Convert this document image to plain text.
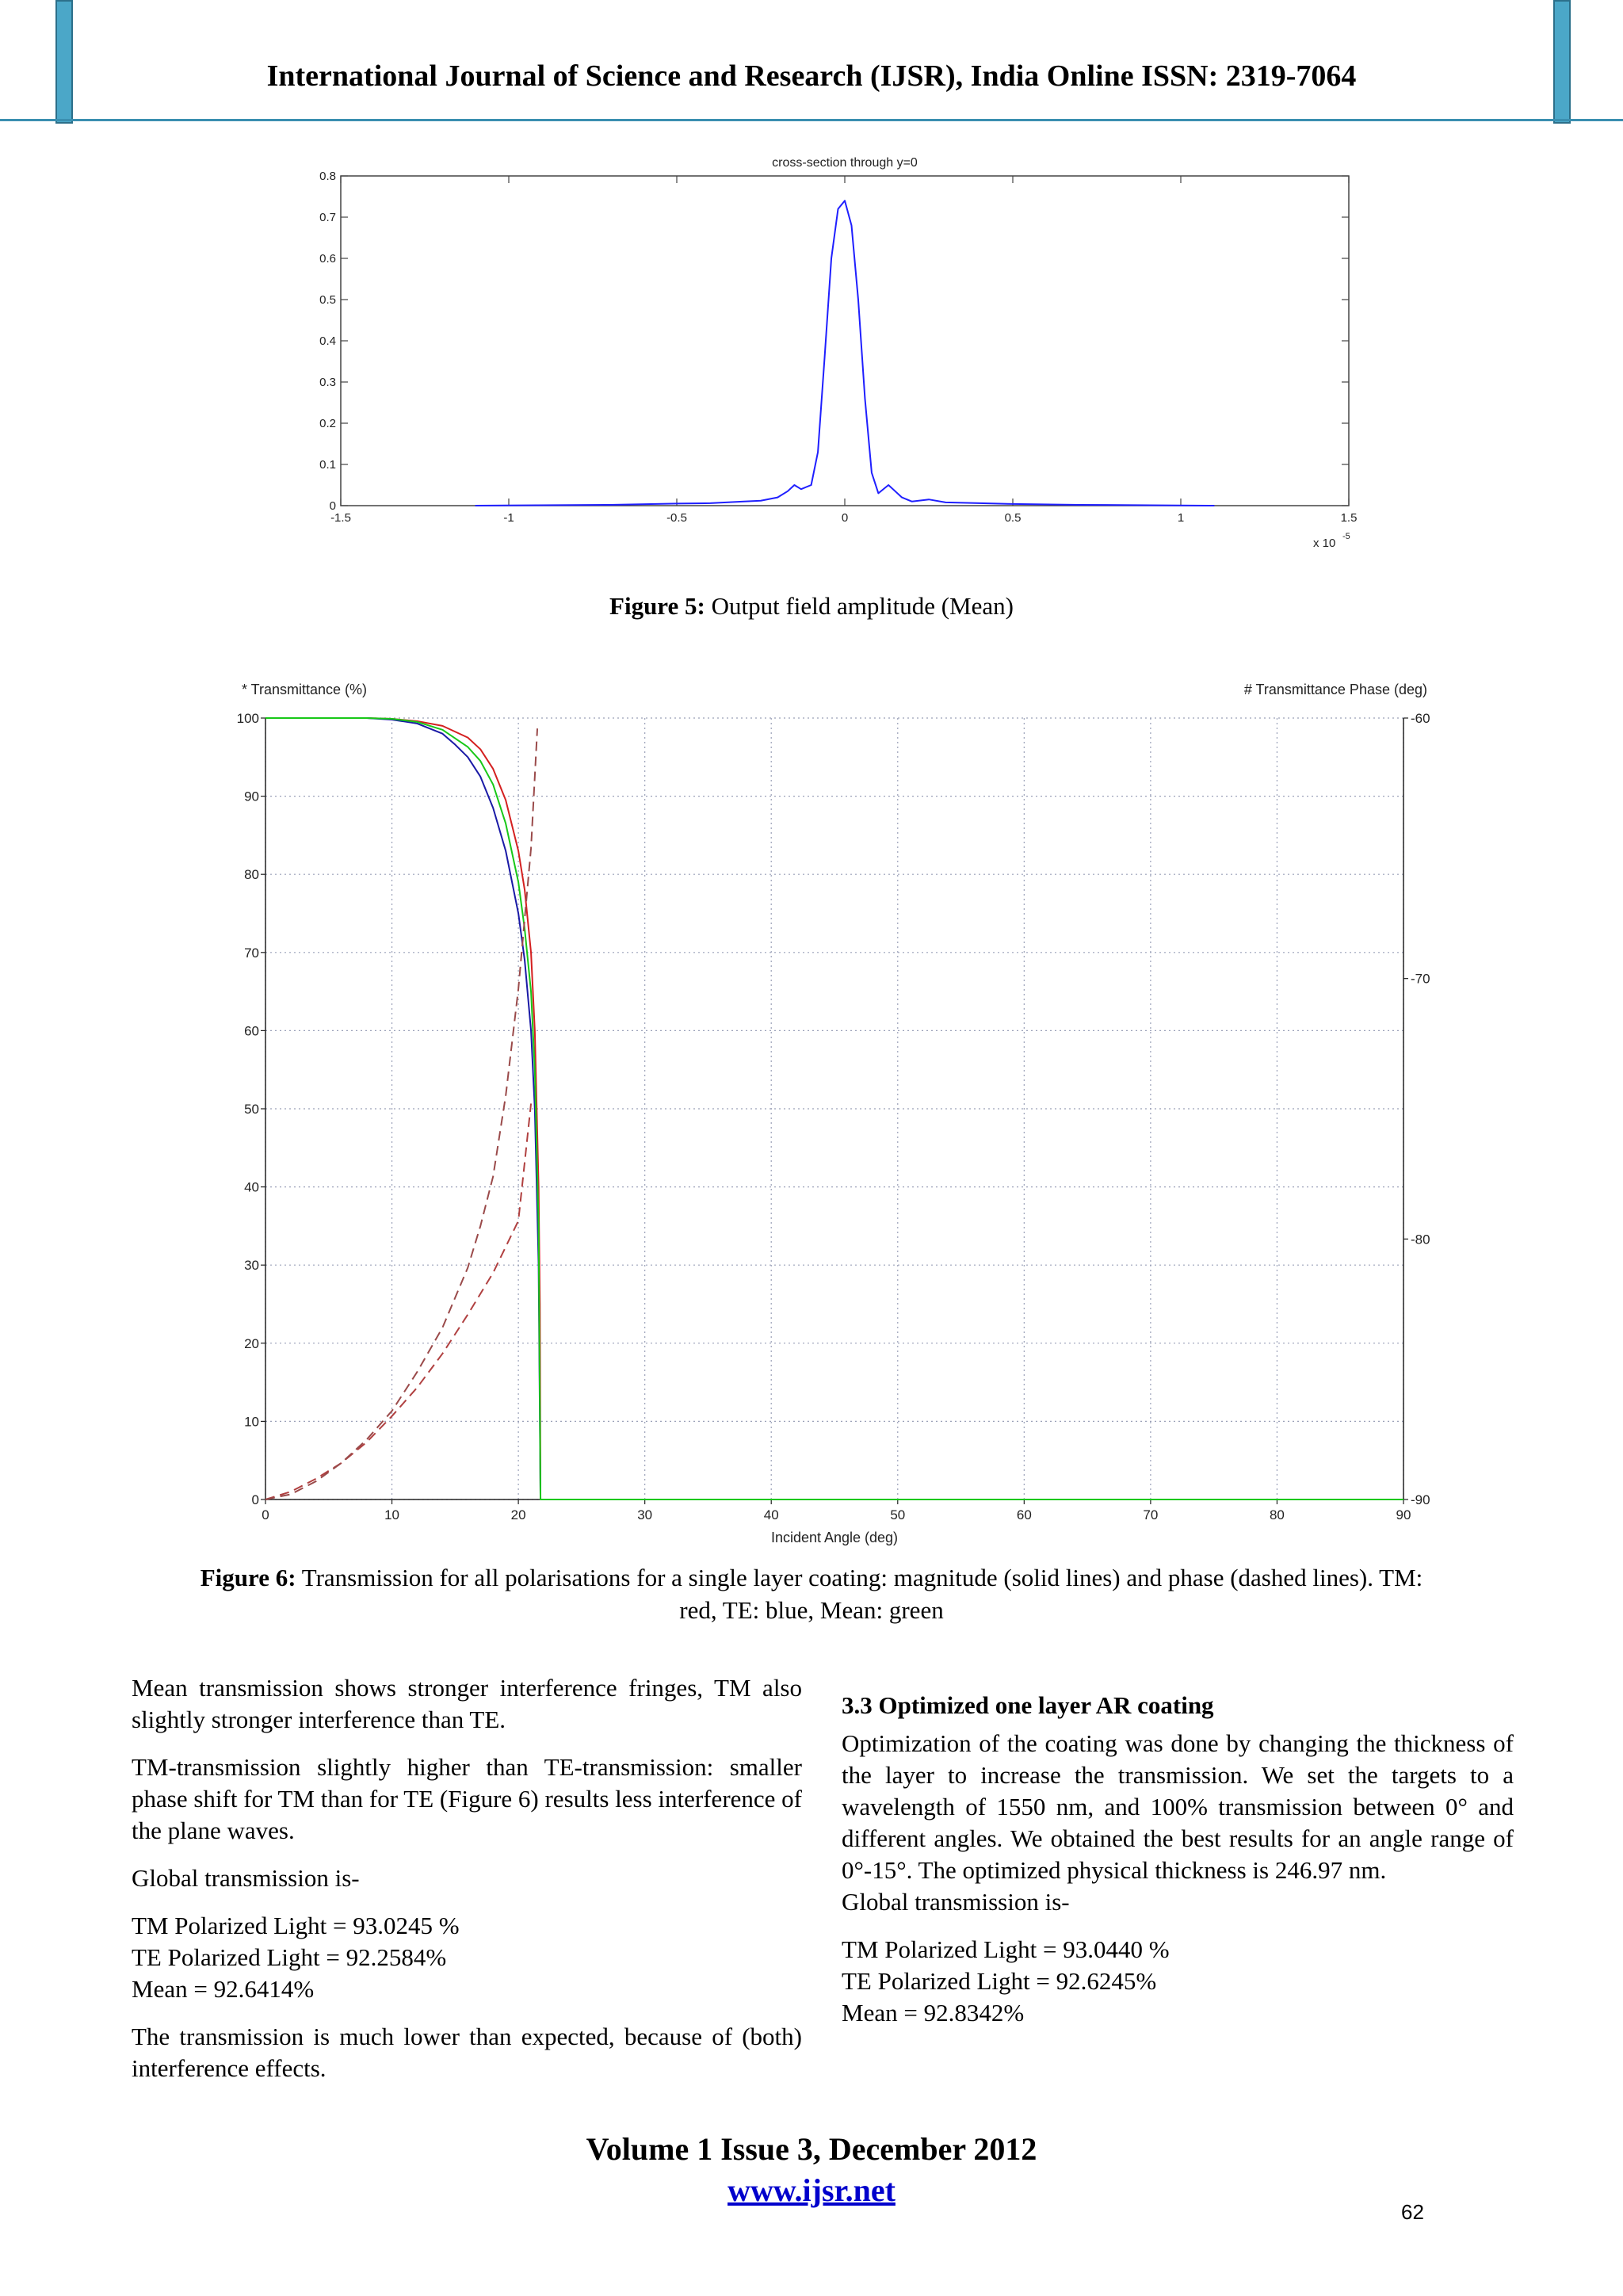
International Journal of Science and Research (IJSR), India Online ISSN: 2319-7064
cross-section through y=0
-1.5	-1	-0.5	0	0.5	1	1.5
0
0.1
0.2
0.3
0.4
0.5
0.6
0.7
0.8
x 10 -5
Figure 5: Output field amplitude (Mean)
0	10	20	30	40	50	60	70	80	90
0
10
20
30
40
50
60
70
80
90
100
-90
-80
-70
-60
* Transmittance (%)	# Transmittance Phase (deg)
Incident Angle (deg)
Figure 6: Transmission for all polarisations for a single layer coating: magnitude (solid lines) and phase (dashed lines). TM:
red, TE: blue, Mean: green

Mean transmission shows stronger interference fringes, TM also slightly stronger interference than TE.

TM-transmission slightly higher than TE-transmission: smaller phase shift for TM than for TE (Figure 6) results less interference of the plane waves.

Global transmission is-

TM Polarized Light = 93.0245 %

TE Polarized Light = 92.2584%

Mean = 92.6414%

The transmission is much lower than expected, because of (both) interference effects.

3.3 Optimized one layer AR coating

Optimization of the coating was done by changing the thickness of the layer to increase the transmission. We set the targets to a wavelength of 1550 nm, and 100% transmission between 0° and different angles. We obtained the best results for an angle range of 0°-15°. The optimized physical thickness is 246.97 nm.

Global transmission is-

TM Polarized Light = 93.0440 %

TE Polarized Light = 92.6245%

Mean = 92.8342%

Volume 1 Issue 3, December 2012
www.ijsr.net
62
